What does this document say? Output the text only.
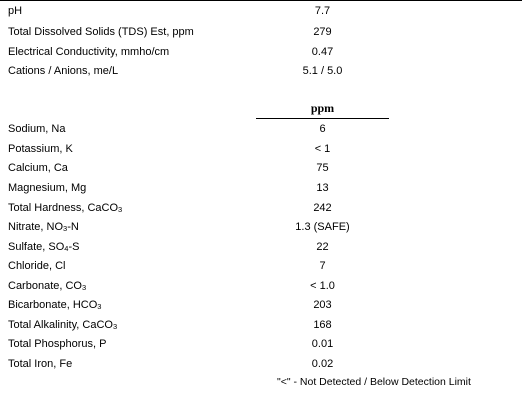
pH	7.7
Total Dissolved Solids (TDS) Est, ppm	279
Electrical Conductivity, mmho/cm	0.47
Cations / Anions, me/L	5.1 / 5.0
ppm
Sodium, Na	6
Potassium, K	< 1
Calcium, Ca	75
Magnesium, Mg	13
Total Hardness, CaCO3	242
Nitrate, NO3-N	1.3 (SAFE)
Sulfate, SO4-S	22
Chloride, Cl	7
Carbonate, CO3	< 1.0
Bicarbonate, HCO3	203
Total Alkalinity, CaCO3	168
Total Phosphorus, P	0.01
Total Iron, Fe	0.02
"<" - Not Detected / Below Detection Limit
